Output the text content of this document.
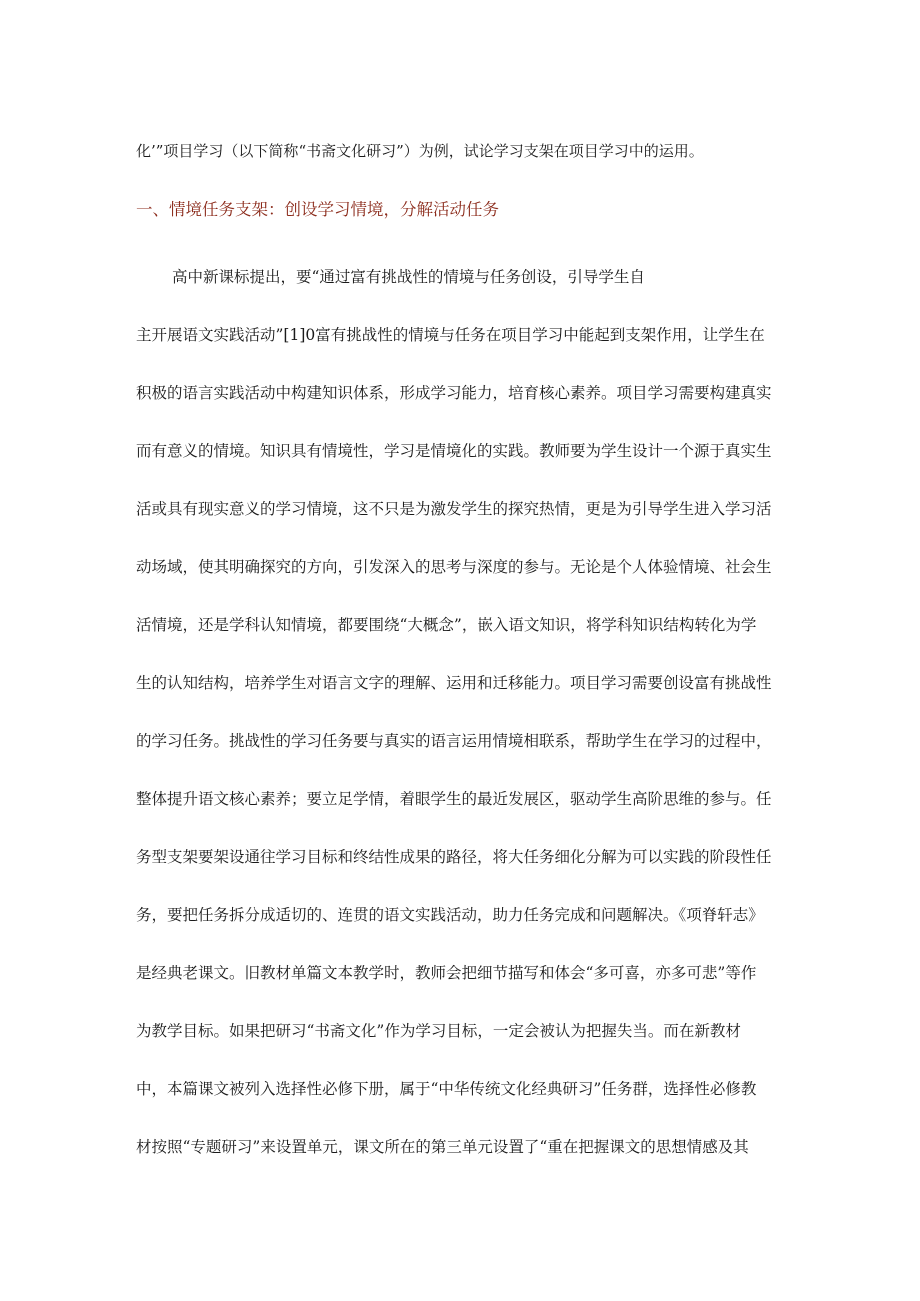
化’”项目学习（以下简称“书斋文化研习”）为例，试论学习支架在项目学习中的运用。
一、情境任务支架：创设学习情境，分解活动任务
高中新课标提出，要“通过富有挑战性的情境与任务创设，引导学生自
主开展语文实践活动”[1]0富有挑战性的情境与任务在项目学习中能起到支架作用，让学生在
积极的语言实践活动中构建知识体系，形成学习能力，培育核心素养。项目学习需要构建真实
而有意义的情境。知识具有情境性，学习是情境化的实践。教师要为学生设计一个源于真实生
活或具有现实意义的学习情境，这不只是为激发学生的探究热情，更是为引导学生进入学习活
动场域，使其明确探究的方向，引发深入的思考与深度的参与。无论是个人体验情境、社会生
活情境，还是学科认知情境，都要围绕“大概念”，嵌入语文知识，将学科知识结构转化为学
生的认知结构，培养学生对语言文字的理解、运用和迁移能力。项目学习需要创设富有挑战性
的学习任务。挑战性的学习任务要与真实的语言运用情境相联系，帮助学生在学习的过程中，
整体提升语文核心素养；要立足学情，着眼学生的最近发展区，驱动学生高阶思维的参与。任
务型支架要架设通往学习目标和终结性成果的路径，将大任务细化分解为可以实践的阶段性任
务，要把任务拆分成适切的、连贯的语文实践活动，助力任务完成和问题解决。《项脊轩志》
是经典老课文。旧教材单篇文本教学时，教师会把细节描写和体会“多可喜，亦多可悲”等作
为教学目标。如果把研习“书斋文化”作为学习目标，一定会被认为把握失当。而在新教材
中，本篇课文被列入选择性必修下册，属于“中华传统文化经典研习”任务群，选择性必修教
材按照“专题研习”来设置单元，课文所在的第三单元设置了“重在把握课文的思想情感及其
